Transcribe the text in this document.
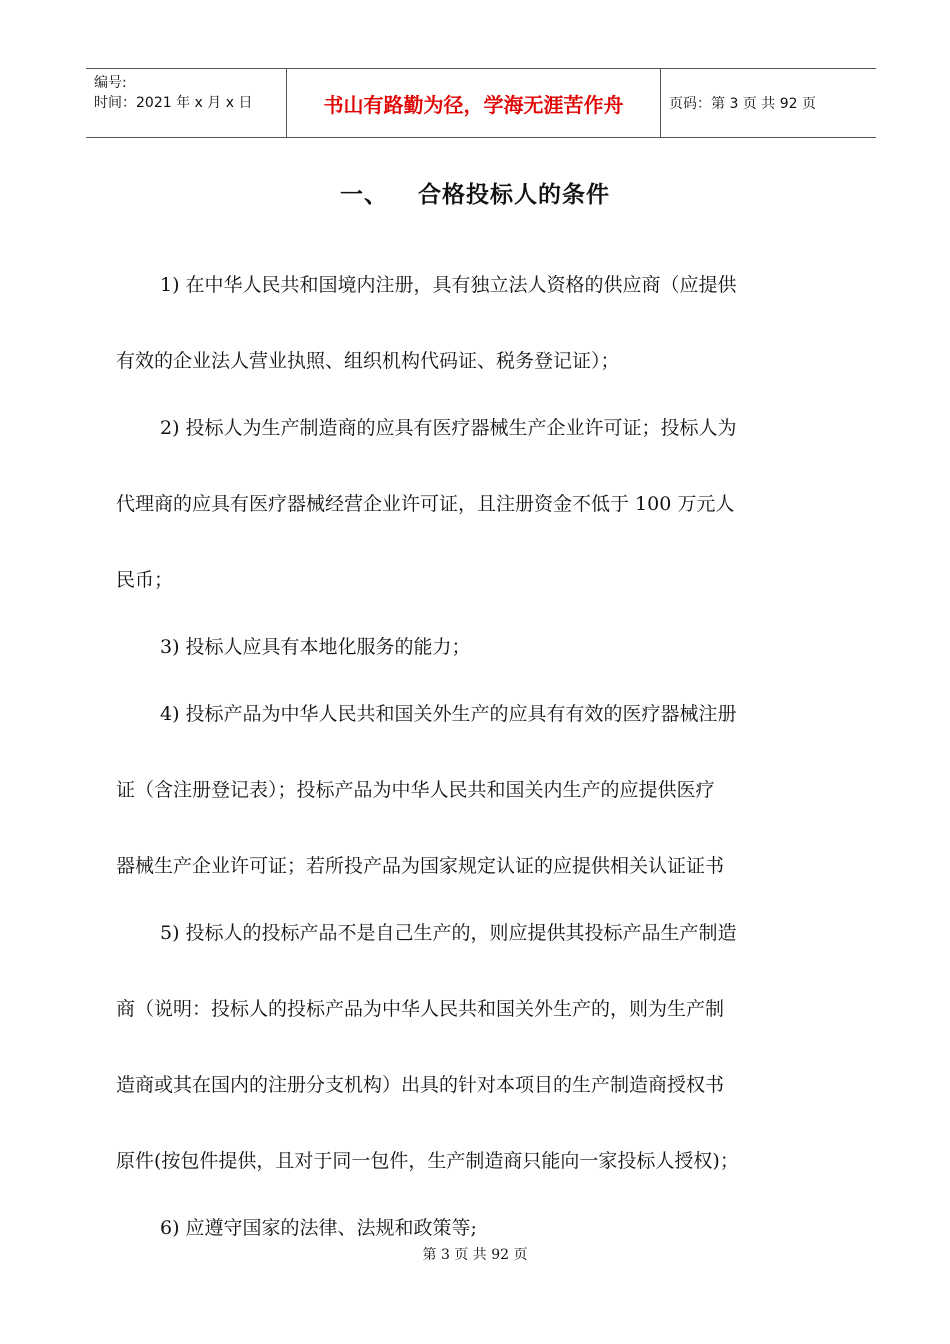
编号:
时间：2021 年 x 月 x 日	书山有路勤为径，学海无涯苦作舟	页码：第 3 页 共 92 页
一、 合格投标人的条件
1) 在中华人民共和国境内注册，具有独立法人资格的供应商（应提供
有效的企业法人营业执照、组织机构代码证、税务登记证）；
2) 投标人为生产制造商的应具有医疗器械生产企业许可证；投标人为
代理商的应具有医疗器械经营企业许可证，且注册资金不低于 100 万元人
民币；
3) 投标人应具有本地化服务的能力；
4) 投标产品为中华人民共和国关外生产的应具有有效的医疗器械注册
证（含注册登记表）；投标产品为中华人民共和国关内生产的应提供医疗
器械生产企业许可证；若所投产品为国家规定认证的应提供相关认证证书
5) 投标人的投标产品不是自己生产的，则应提供其投标产品生产制造
商（说明：投标人的投标产品为中华人民共和国关外生产的，则为生产制
造商或其在国内的注册分支机构）出具的针对本项目的生产制造商授权书
原件(按包件提供，且对于同一包件，生产制造商只能向一家投标人授权)；
6) 应遵守国家的法律、法规和政策等;
第 3 页 共 92 页
